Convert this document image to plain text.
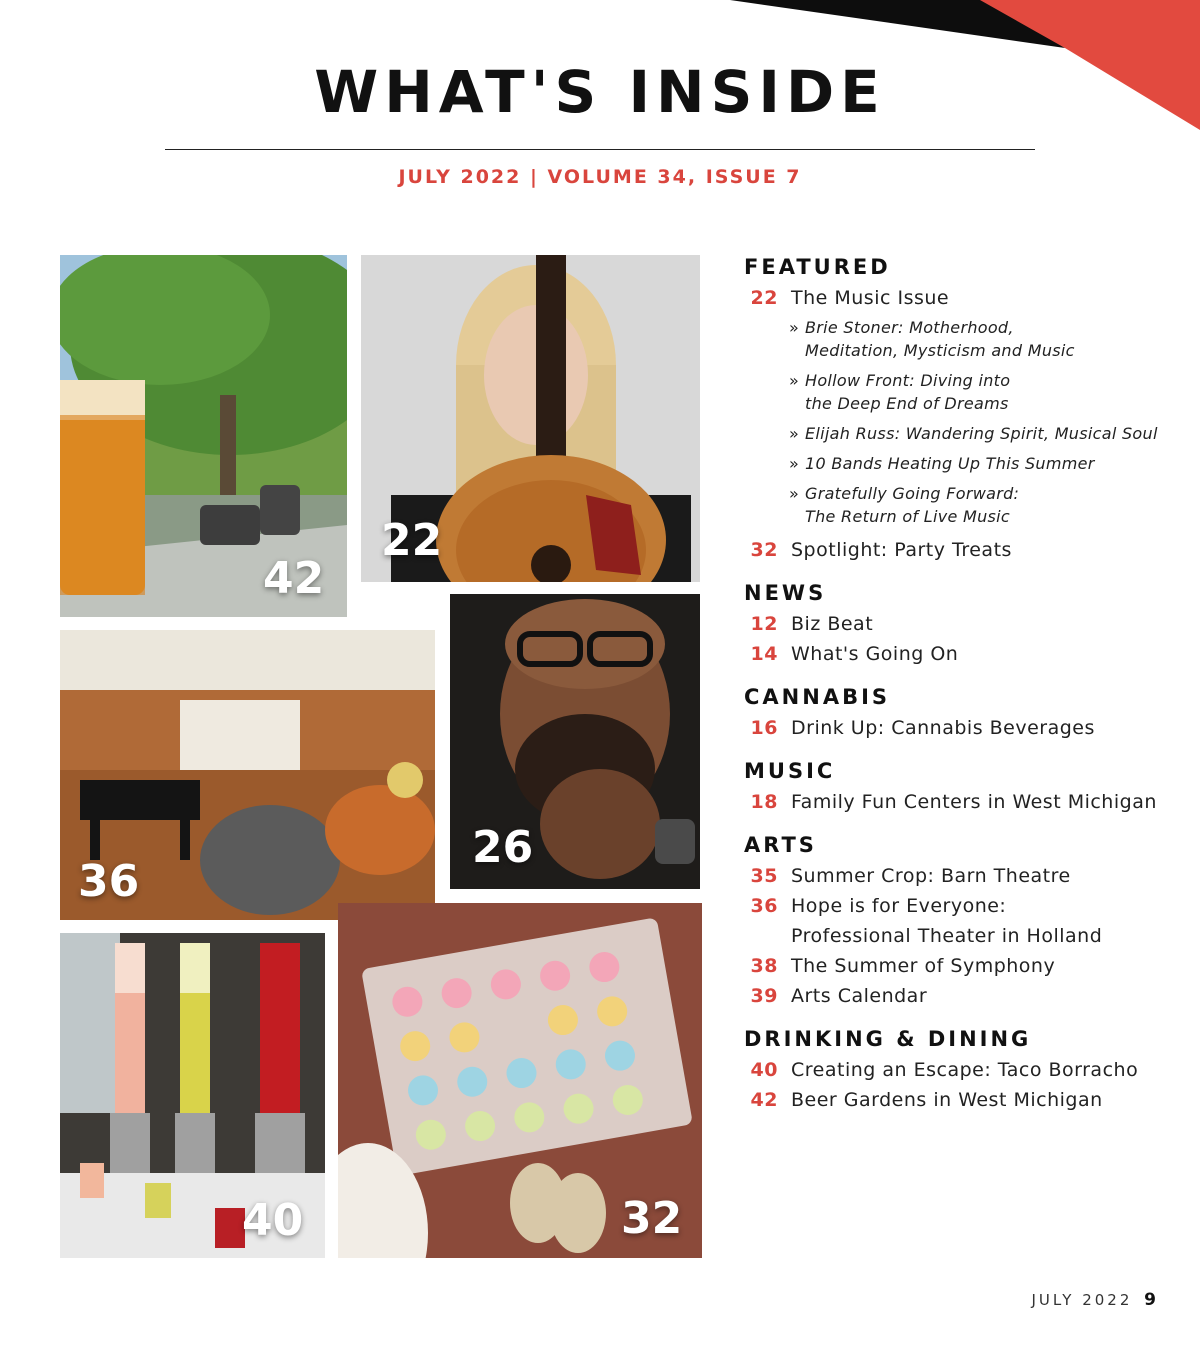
WHAT'S INSIDE
JULY 2022 | VOLUME 34, ISSUE 7
42
22
36
26
40	32
FEATURED
22 The Music Issue
» Brie Stoner: Motherhood,
Meditation, Mysticism and Music
» Hollow Front: Diving into
the Deep End of Dreams
» Elijah Russ: Wandering Spirit, Musical Soul
» 10 Bands Heating Up This Summer
» Gratefully Going Forward:
The Return of Live Music
32 Spotlight: Party Treats
NEWS
12 Biz Beat
14 What's Going On
CANNABIS
16 Drink Up: Cannabis Beverages
MUSIC
18 Family Fun Centers in West Michigan
ARTS
35 Summer Crop: Barn Theatre
36 Hope is for Everyone:
Professional Theater in Holland
38 The Summer of Symphony
39 Arts Calendar
DRINKING & DINING
40 Creating an Escape: Taco Borracho
42 Beer Gardens in West Michigan
JULY 2022 9
